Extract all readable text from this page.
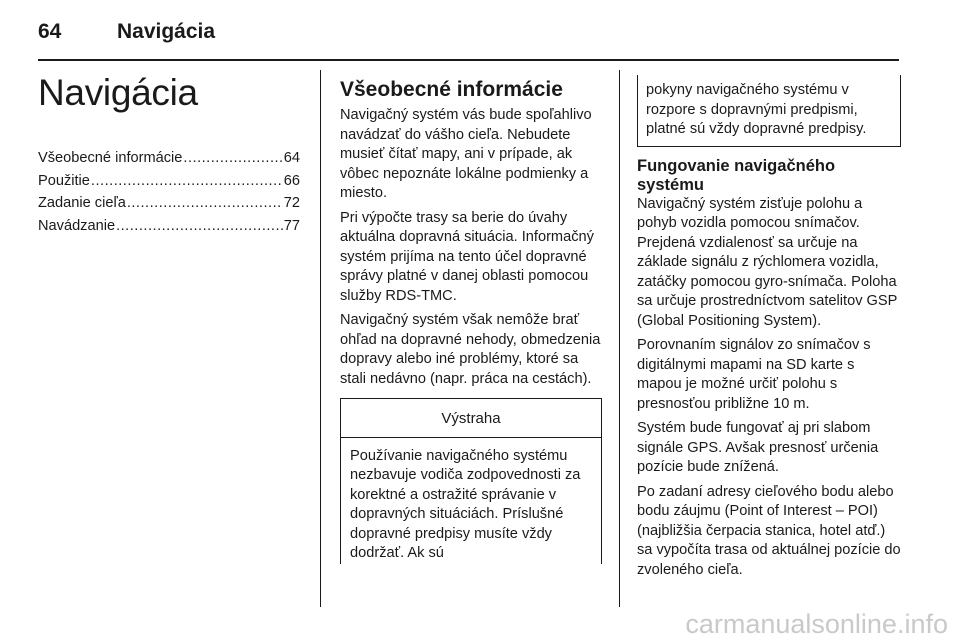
64	Navigácia
Navigácia
Všeobecné informácie .....	64
Použitie .....	66
Zadanie cieľa .....	72
Navádzanie .....	77
Všeobecné informácie

Navigačný systém vás bude spoľahlivo navádzať do vášho cieľa. Nebudete musieť čítať mapy, ani v prípade, ak vôbec nepoznáte lokálne podmienky a miesto.

Pri výpočte trasy sa berie do úvahy aktuálna dopravná situácia. Informačný systém prijíma na tento účel dopravné správy platné v danej oblasti pomocou služby RDS-TMC.

Navigačný systém však nemôže brať ohľad na dopravné nehody, obmedzenia dopravy alebo iné problémy, ktoré sa stali nedávno (napr. práca na cestách).

Výstraha
Používanie navigačného systému nezbavuje vodiča zodpovednosti za korektné a ostražité správanie v dopravných situáciách. Príslušné dopravné predpisy musíte vždy dodržať. Ak sú
pokyny navigačného systému v rozpore s dopravnými predpismi, platné sú vždy dopravné predpisy.
Fungovanie navigačného systému

Navigačný systém zisťuje polohu a pohyb vozidla pomocou snímačov. Prejdená vzdialenosť sa určuje na základe signálu z rýchlomera vozidla, zatáčky pomocou gyro-snímača. Poloha sa určuje prostredníctvom satelitov GSP (Global Positioning System).

Porovnaním signálov zo snímačov s digitálnymi mapami na SD karte s mapou je možné určiť polohu s presnosťou približne 10 m.

Systém bude fungovať aj pri slabom signále GPS. Avšak presnosť určenia pozície bude znížená.

Po zadaní adresy cieľového bodu alebo bodu záujmu (Point of Interest – POI) (najbližšia čerpacia stanica, hotel atď.) sa vypočíta trasa od aktuálnej pozície do zvoleného cieľa.

carmanualsonline.info
